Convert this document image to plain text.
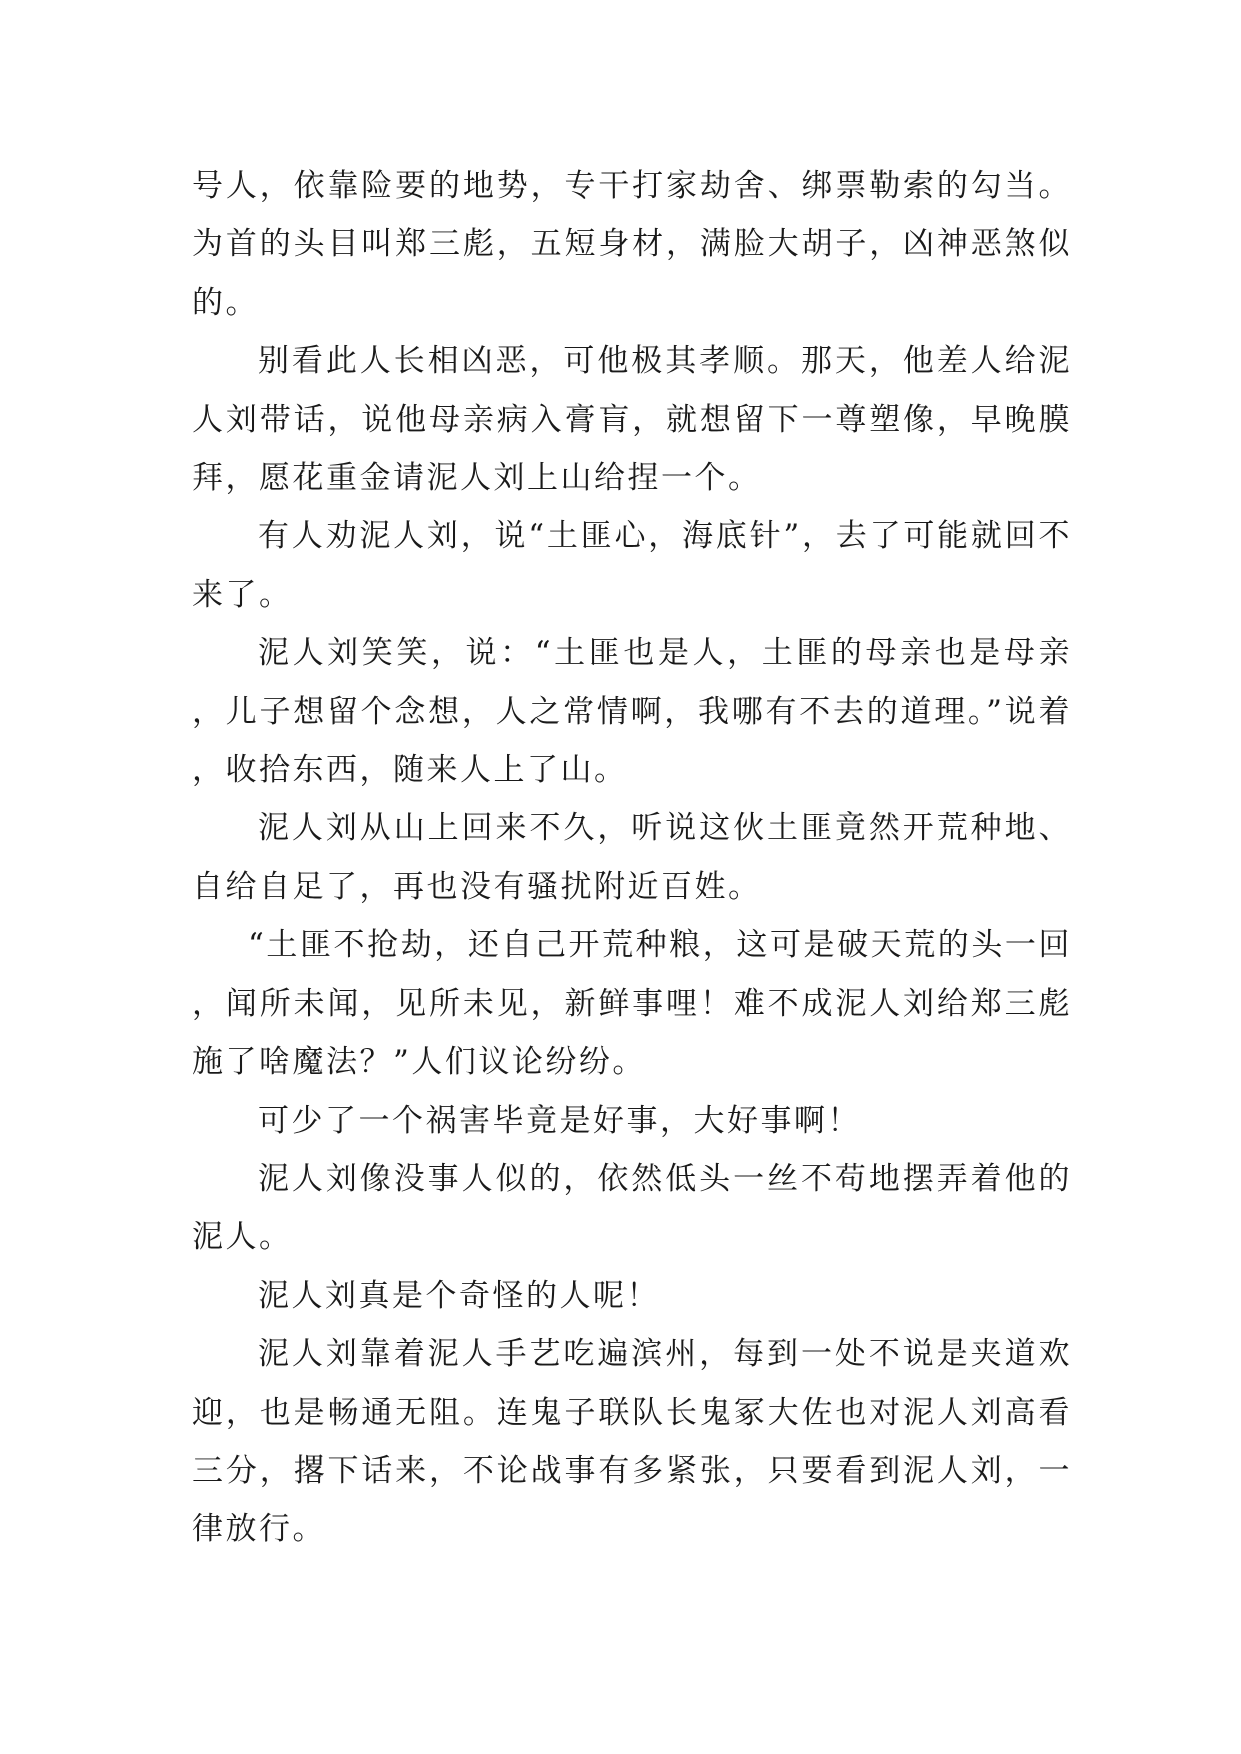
号人，依靠险要的地势，专干打家劫舍、绑票勒索的勾当。为首的头目叫郑三彪，五短身材，满脸大胡子，凶神恶煞似的。

别看此人长相凶恶，可他极其孝顺。那天，他差人给泥人刘带话，说他母亲病入膏肓，就想留下一尊塑像，早晚膜拜，愿花重金请泥人刘上山给捏一个。

有人劝泥人刘，说“土匪心，海底针”，去了可能就回不来了。

泥人刘笑笑，说：“土匪也是人，土匪的母亲也是母亲，儿子想留个念想，人之常情啊，我哪有不去的道理。”说着，收拾东西，随来人上了山。

泥人刘从山上回来不久，听说这伙土匪竟然开荒种地、自给自足了，再也没有骚扰附近百姓。

“土匪不抢劫，还自己开荒种粮，这可是破天荒的头一回，闻所未闻，见所未见，新鲜事哩！难不成泥人刘给郑三彪施了啥魔法？”人们议论纷纷。

可少了一个祸害毕竟是好事，大好事啊！

泥人刘像没事人似的，依然低头一丝不苟地摆弄着他的泥人。

泥人刘真是个奇怪的人呢！

泥人刘靠着泥人手艺吃遍滨州，每到一处不说是夹道欢迎，也是畅通无阻。连鬼子联队长鬼冢大佐也对泥人刘高看三分，撂下话来，不论战事有多紧张，只要看到泥人刘，一律放行。
